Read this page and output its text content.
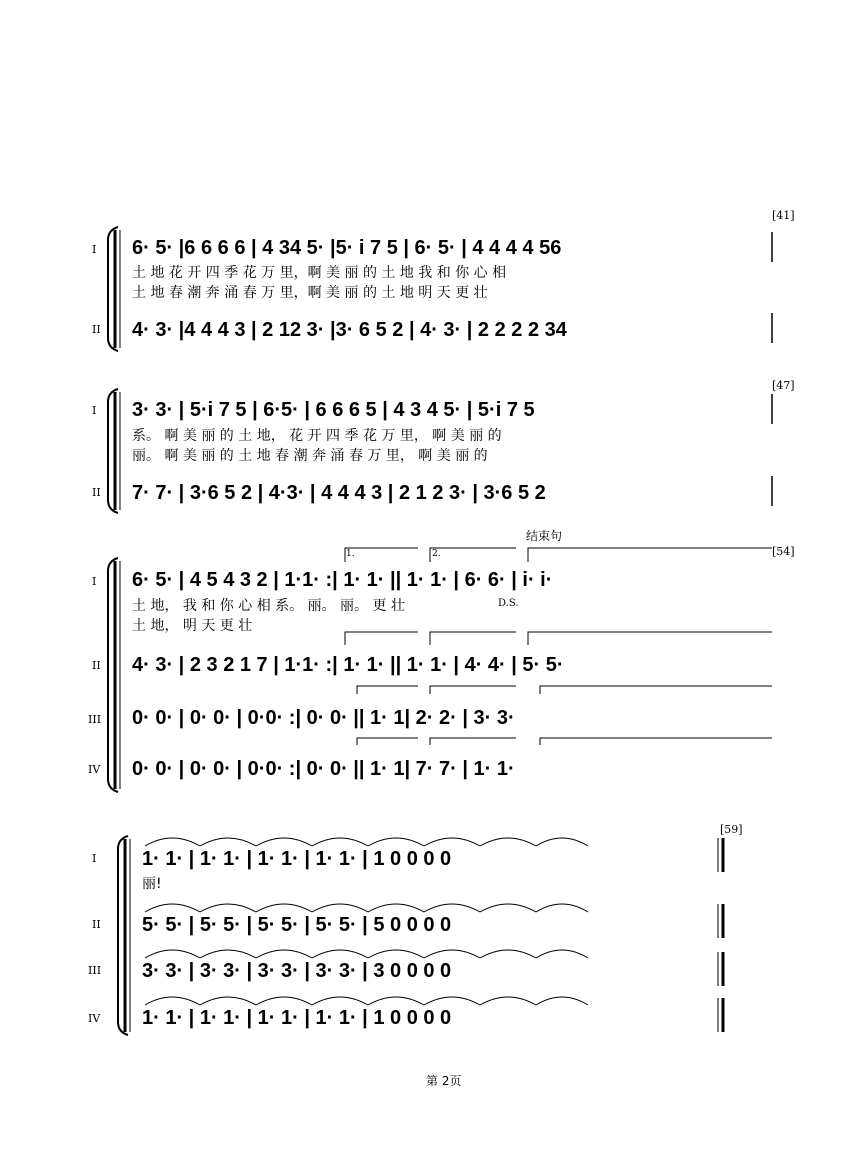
[41]
I
II
6· 5· |6 6 6 6 | 4 34 5· |5· i 7 5 | 6· 5· | 4 4 4 4 56
土 地 花 开 四 季 花 万 里，啊 美 丽 的 土 地 我 和 你 心 相
土 地 春 潮 奔 涌 春 万 里，啊 美 丽 的 土 地 明 天 更 壮
4· 3· |4 4 4 3 | 2 12 3· |3· 6 5 2 | 4· 3· | 2 2 2 2 34
[47]
I
II
3· 3· | 5·i 7 5 | 6·5· | 6 6 6 5 | 4 3 4 5· | 5·i 7 5
系。 啊 美 丽 的 土 地， 花 开 四 季 花 万 里， 啊 美 丽 的
丽。 啊 美 丽 的 土 地 春 潮 奔 涌 春 万 里， 啊 美 丽 的
7· 7· | 3·6 5 2 | 4·3· | 4 4 4 3 | 2 1 2 3· | 3·6 5 2
结束句
[54]
1.	2.
D.S.
I
II
III
IV
6· 5· | 4 5 4 3 2 | 1·1· :| 1· 1· || 1· 1· | 6· 6· | i· i·
土 地， 我 和 你 心 相 系。 丽。 丽。 更 壮
土 地， 明 天 更 壮
4· 3· | 2 3 2 1 7 | 1·1· :| 1· 1· || 1· 1· | 4· 4· | 5· 5·
0· 0· | 0· 0· | 0·0· :| 0· 0· || 1· 1| 2· 2· | 3· 3·
0· 0· | 0· 0· | 0·0· :| 0· 0· || 1· 1| 7· 7· | 1· 1·
[59]
I
II
III
IV
1· 1· | 1· 1· | 1· 1· | 1· 1· | 1 0 0 0 0
丽!
5· 5· | 5· 5· | 5· 5· | 5· 5· | 5 0 0 0 0
3· 3· | 3· 3· | 3· 3· | 3· 3· | 3 0 0 0 0
1· 1· | 1· 1· | 1· 1· | 1· 1· | 1 0 0 0 0
第 2页
